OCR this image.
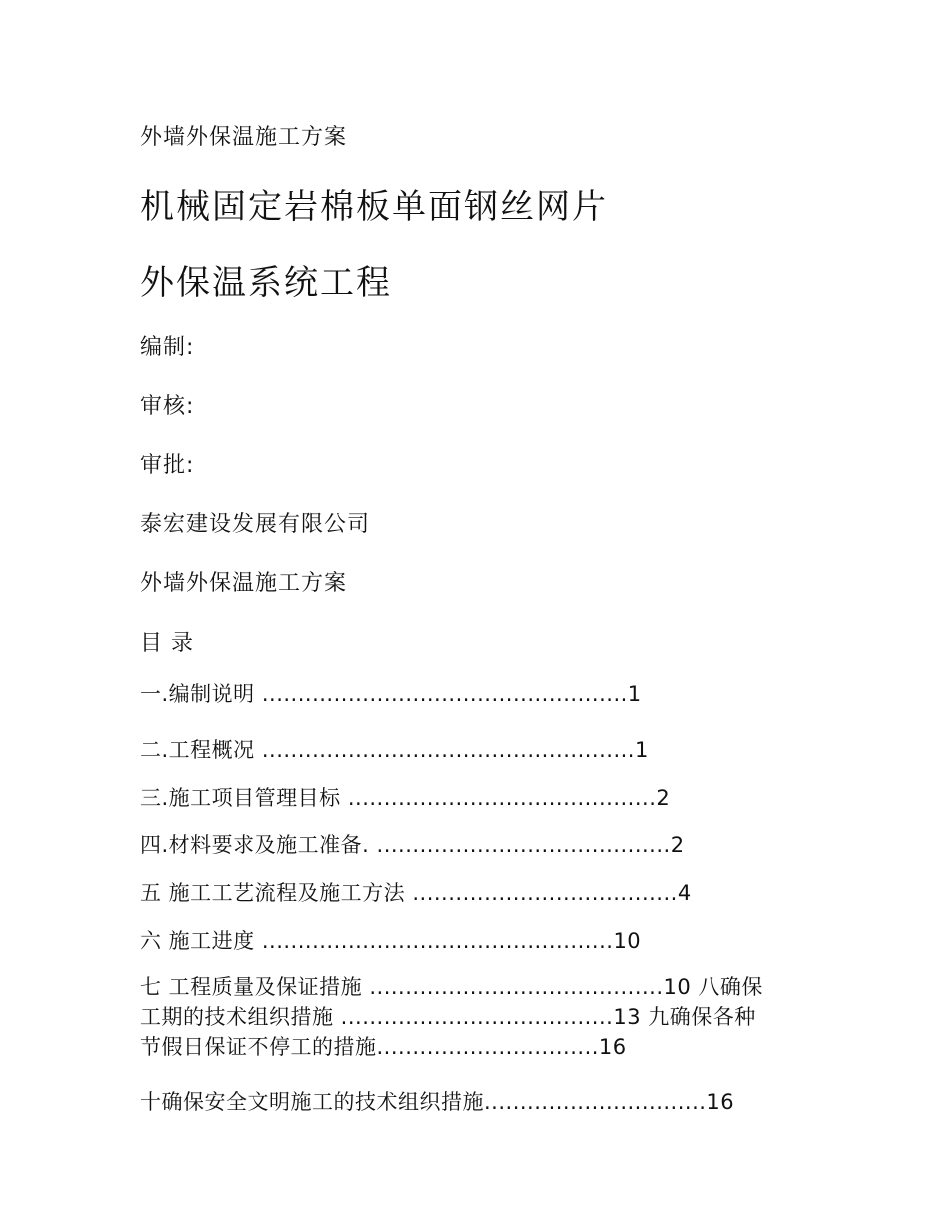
外墙外保温施工方案
机械固定岩棉板单面钢丝网片
外保温系统工程
编制:
审核:
审批:
泰宏建设发展有限公司
外墙外保温施工方案
目 录
一.编制说明 ...................................................1
二.工程概况 ....................................................1
三.施工项目管理目标 ...........................................2
四.材料要求及施工准备. .........................................2
五 施工工艺流程及施工方法 .....................................4
六 施工进度 .................................................10
七 工程质量及保证措施 .........................................10 八确保
工期的技术组织措施 ......................................13 九确保各种
节假日保证不停工的措施...............................16
十确保安全文明施工的技术组织措施...............................16
